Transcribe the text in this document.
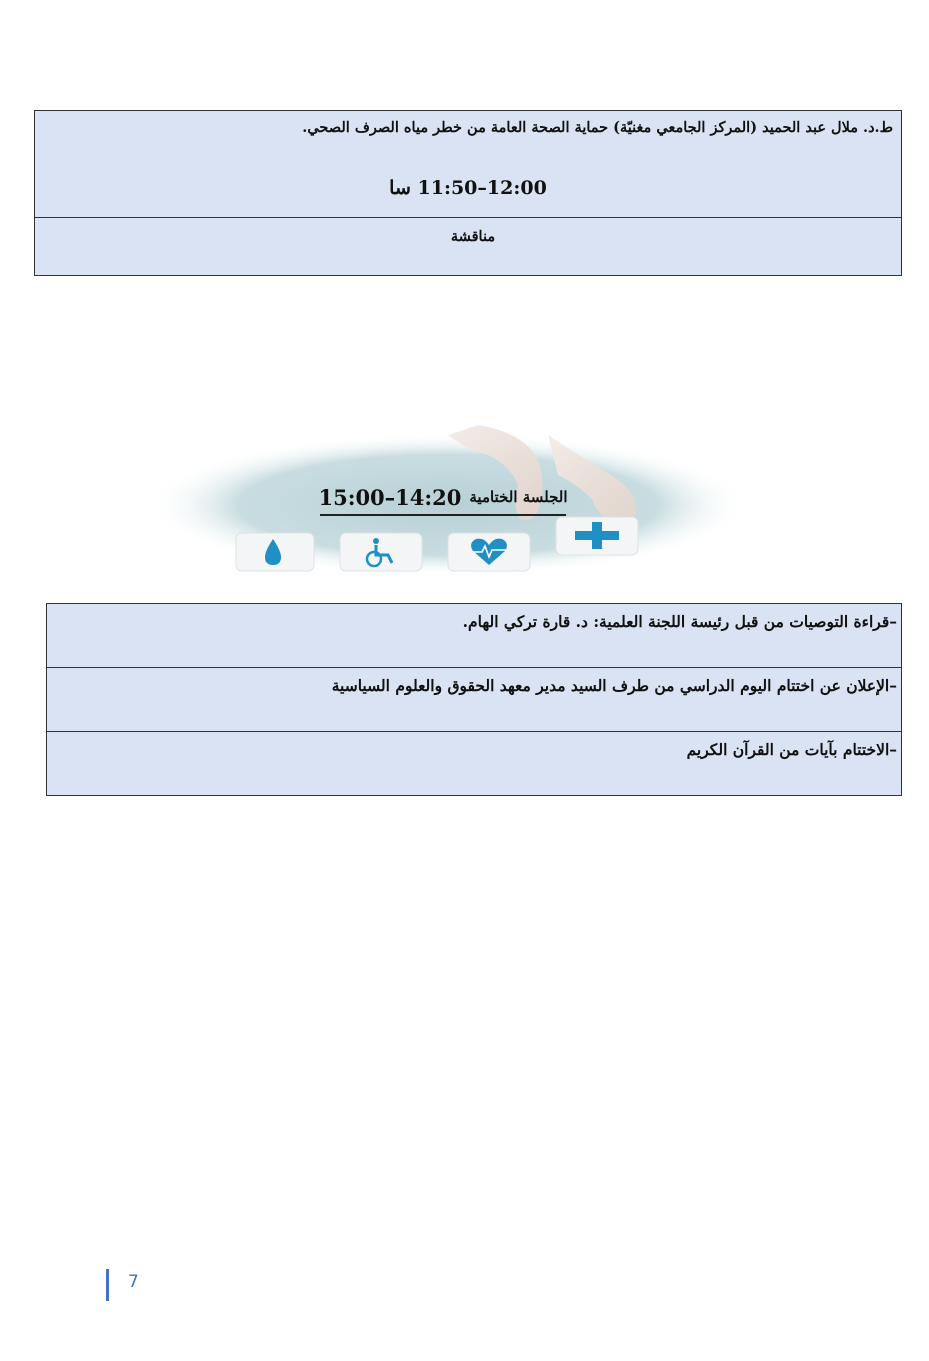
ط.د. ملال عبد الحميد (المركز الجامعي مغنيّة) حماية الصحة العامة من خطر مياه الصرف الصحي.
12:00–11:50 سا
مناقشة
15:00–14:20 الجلسة الختامية
–قراءة التوصيات من قبل رئيسة اللجنة العلمية: د. قارة تركي الهام.
–الإعلان عن اختتام اليوم الدراسي من طرف السيد مدير معهد الحقوق والعلوم السياسية
–الاختتام بآيات من القرآن الكريم
7
